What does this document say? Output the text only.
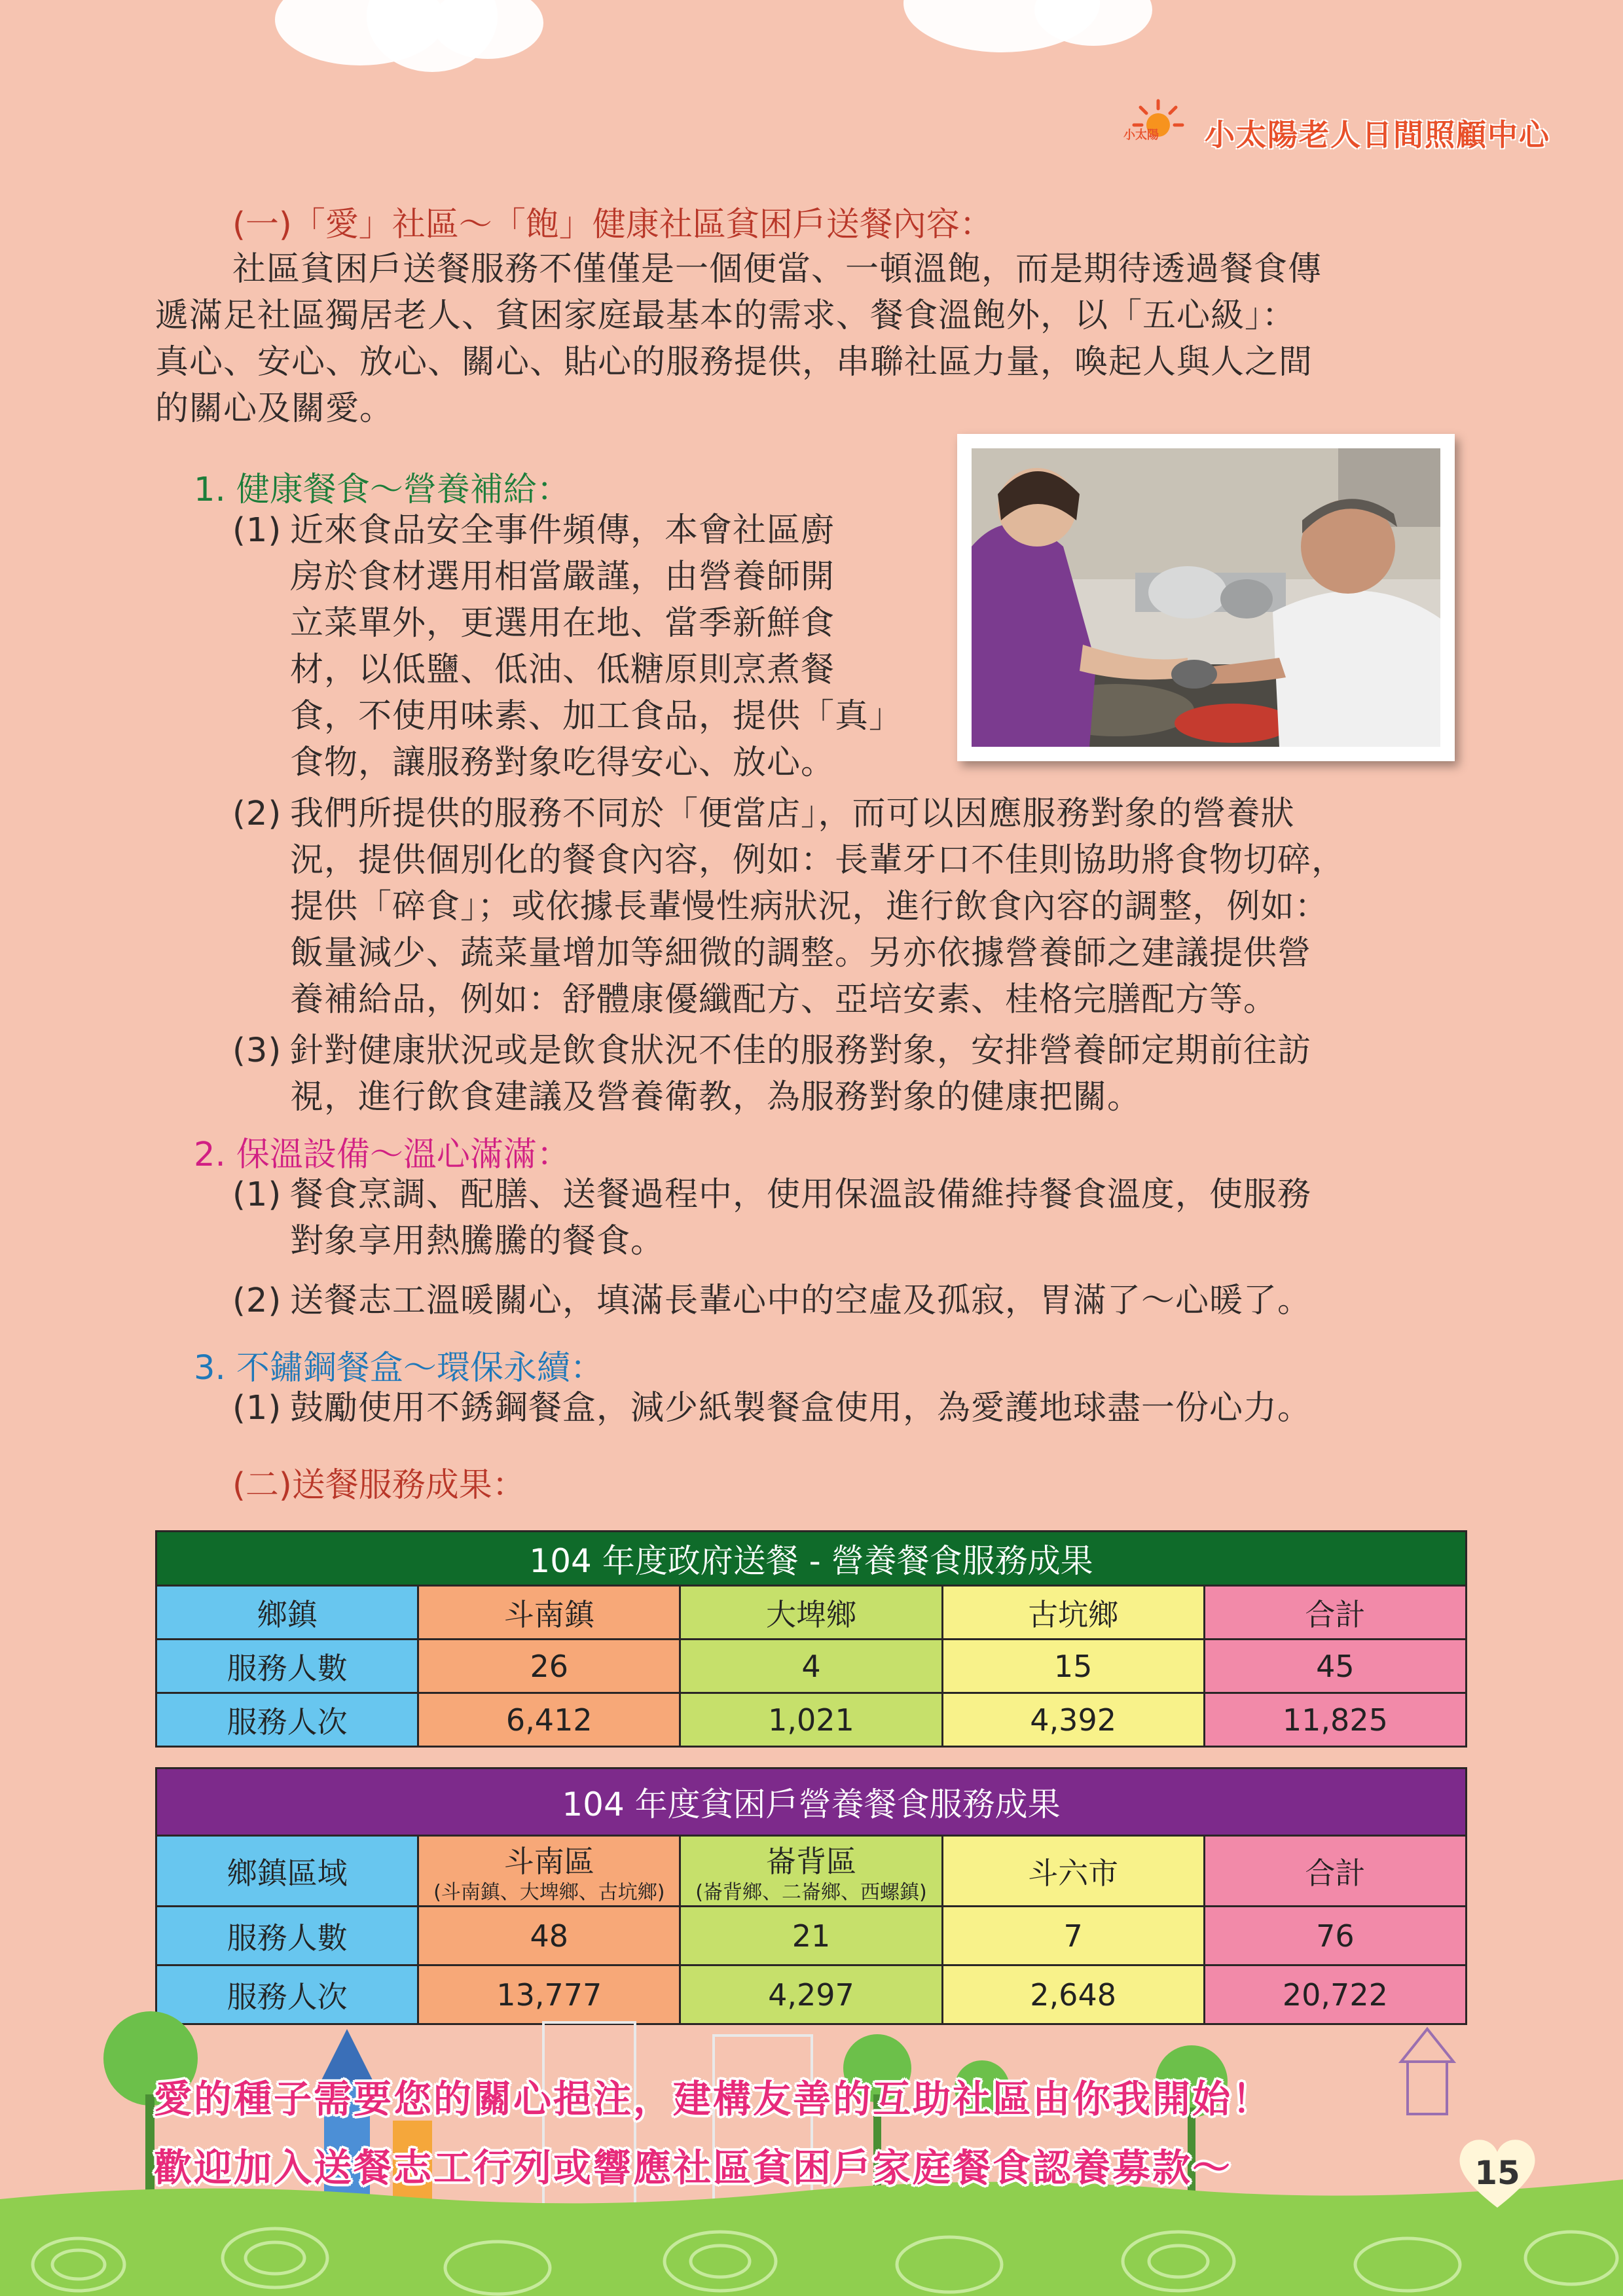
小太陽 小太陽老人日間照顧中心
(一)「愛」社區～「飽」健康社區貧困戶送餐內容：
社區貧困戶送餐服務不僅僅是一個便當、一頓溫飽，而是期待透過餐食傳
遞滿足社區獨居老人、貧困家庭最基本的需求、餐食溫飽外，以「五心級」：
真心、安心、放心、關心、貼心的服務提供，串聯社區力量，喚起人與人之間
的關心及關愛。
1. 健康餐食～營養補給：
(1) 近來食品安全事件頻傳，本會社區廚
房於食材選用相當嚴謹，由營養師開
立菜單外，更選用在地、當季新鮮食
材，以低鹽、低油、低糖原則烹煮餐
食，不使用味素、加工食品，提供「真」
食物，讓服務對象吃得安心、放心。
(2) 我們所提供的服務不同於「便當店」，而可以因應服務對象的營養狀
況，提供個別化的餐食內容，例如：長輩牙口不佳則協助將食物切碎，
提供「碎食」；或依據長輩慢性病狀況，進行飲食內容的調整，例如：
飯量減少、蔬菜量增加等細微的調整。另亦依據營養師之建議提供營
養補給品，例如：舒體康優纖配方、亞培安素、桂格完膳配方等。
(3) 針對健康狀況或是飲食狀況不佳的服務對象，安排營養師定期前往訪
視，進行飲食建議及營養衛教，為服務對象的健康把關。
2. 保溫設備～溫心滿滿：
(1) 餐食烹調、配膳、送餐過程中，使用保溫設備維持餐食溫度，使服務
對象享用熱騰騰的餐食。
(2) 送餐志工溫暖關心，填滿長輩心中的空虛及孤寂，胃滿了～心暖了。
3. 不鏽鋼餐盒～環保永續：
(1) 鼓勵使用不銹鋼餐盒，減少紙製餐盒使用，為愛護地球盡一份心力。
(二)送餐服務成果：
104 年度政府送餐 - 營養餐食服務成果				
鄉鎮	斗南鎮	大埤鄉	古坑鄉	合計
服務人數	26	4	15	45
服務人次	6,412	1,021	4,392	11,825
104 年度貧困戶營養餐食服務成果				
鄉鎮區域	斗南區
(斗南鎮、大埤鄉、古坑鄉)	崙背區
(崙背鄉、二崙鄉、西螺鎮)	斗六市	合計
服務人數	48	21	7	76
服務人次	13,777	4,297	2,648	20,722
愛的種子需要您的關心挹注，建構友善的互助社區由你我開始！
歡迎加入送餐志工行列或響應社區貧困戶家庭餐食認養募款～	15
